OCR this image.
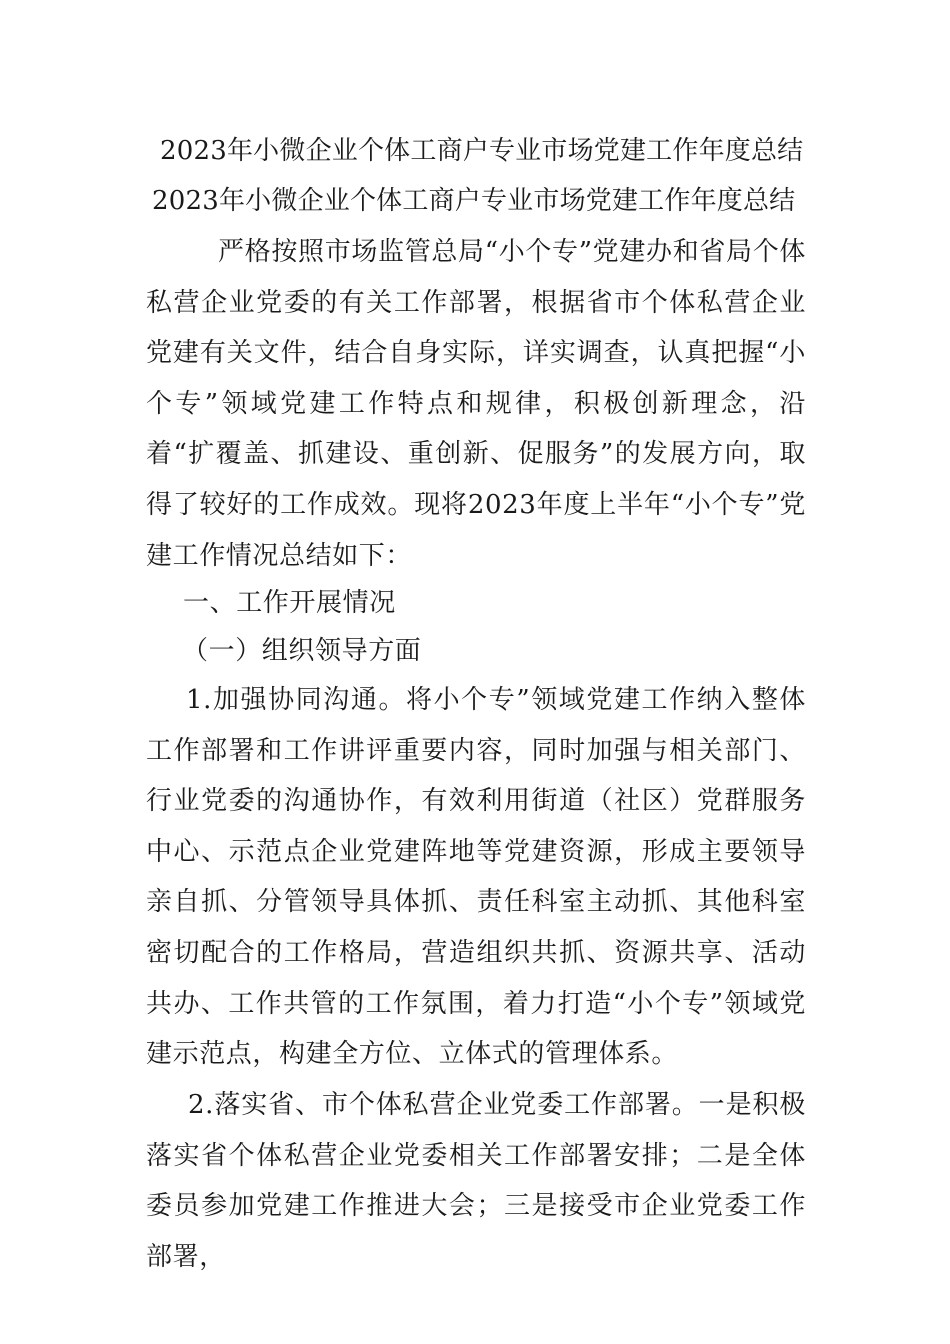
2023年小微企业个体工商户专业市场党建工作年度总结
2023年小微企业个体工商户专业市场党建工作年度总结
严格按照市场监管总局“小个专”党建办和省局个体私营企业党委的有关工作部署，根据省市个体私营企业党建有关文件，结合自身实际，详实调查，认真把握“小个专”领域党建工作特点和规律，积极创新理念，沿着“扩覆盖、抓建设、重创新、促服务”的发展方向，取得了较好的工作成效。现将2023年度上半年“小个专”党建工作情况总结如下：
一、工作开展情况
（一）组织领导方面
1.加强协同沟通。将小个专”领域党建工作纳入整体工作部署和工作讲评重要内容，同时加强与相关部门、行业党委的沟通协作，有效利用街道（社区）党群服务中心、示范点企业党建阵地等党建资源，形成主要领导亲自抓、分管领导具体抓、责任科室主动抓、其他科室密切配合的工作格局，营造组织共抓、资源共享、活动共办、工作共管的工作氛围，着力打造“小个专”领域党建示范点，构建全方位、立体式的管理体系。
2.落实省、市个体私营企业党委工作部署。一是积极落实省个体私营企业党委相关工作部署安排；二是全体委员参加党建工作推进大会；三是接受市企业党委工作部署，
